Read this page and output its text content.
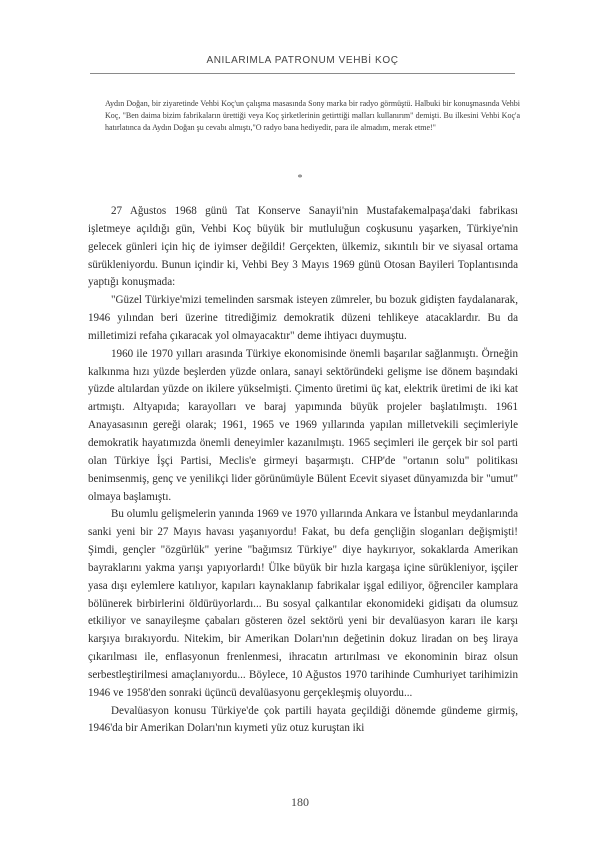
ANILARIMLA PATRONUM VEHBİ KOÇ

Aydın Doğan, bir ziyaretinde Vehbi Koç'un çalışma masasında Sony marka bir radyo görmüştü. Halbuki bir konuşmasında Vehbi Koç, "Ben daima bizim fabrikaların ürettiği veya Koç şirketlerinin getirttiği malları kullanırım" demişti. Bu ilkesini Vehbi Koç'a hatırlatınca da Aydın Doğan şu cevabı almıştı,"O radyo bana hediyedir, para ile almadım, merak etme!"

*

27 Ağustos 1968 günü Tat Konserve Sanayii'nin Mustafakemalpaşa'daki fabrikası işletmeye açıldığı gün, Vehbi Koç büyük bir mutluluğun coşkusunu yaşarken, Türkiye'nin gelecek günleri için hiç de iyimser değildi! Gerçekten, ülkemiz, sıkıntılı bir ve siyasal ortama sürükleniyordu. Bunun içindir ki, Vehbi Bey 3 Mayıs 1969 günü Otosan Bayileri Toplantısında yaptığı konuşmada:

"Güzel Türkiye'mizi temelinden sarsmak isteyen zümreler, bu bozuk gidişten faydalanarak, 1946 yılından beri üzerine titrediğimiz demokratik düzeni tehlikeye atacaklardır. Bu da milletimizi refaha çıkaracak yol olmayacaktır" deme ihtiyacı duymuştu.

1960 ile 1970 yılları arasında Türkiye ekonomisinde önemli başarılar sağlanmıştı. Örneğin kalkınma hızı yüzde beşlerden yüzde onlara, sanayi sektöründeki gelişme ise dönem başındaki yüzde altılardan yüzde on ikilere yükselmişti. Çimento üretimi üç kat, elektrik üretimi de iki kat artmıştı. Altyapıda; karayolları ve baraj yapımında büyük projeler başlatılmıştı. 1961 Anayasasının gereği olarak; 1961, 1965 ve 1969 yıllarında yapılan milletvekili seçimleriyle demokratik hayatımızda önemli deneyimler kazanılmıştı. 1965 seçimleri ile gerçek bir sol parti olan Türkiye İşçi Partisi, Meclis'e girmeyi başarmıştı. CHP'de "ortanın solu" politikası benimsenmiş, genç ve yenilikçi lider görünümüyle Bülent Ecevit siyaset dünyamızda bir "umut" olmaya başlamıştı.

Bu olumlu gelişmelerin yanında 1969 ve 1970 yıllarında Ankara ve İstanbul meydanlarında sanki yeni bir 27 Mayıs havası yaşanıyordu! Fakat, bu defa gençliğin sloganları değişmişti! Şimdi, gençler "özgürlük" yerine "bağımsız Türkiye" diye haykırıyor, sokaklarda Amerikan bayraklarını yakma yarışı yapıyorlardı! Ülke büyük bir hızla kargaşa içine sürükleniyor, işçiler yasa dışı eylemlere katılıyor, kapıları kaynaklanıp fabrikalar işgal ediliyor, öğrenciler kamplara bölünerek birbirlerini öldürüyorlardı... Bu sosyal çalkantılar ekonomideki gidişatı da olumsuz etkiliyor ve sanayileşme çabaları gösteren özel sektörü yeni bir devalüasyon kararı ile karşı karşıya bırakıyordu. Nitekim, bir Amerikan Doları'nın değetinin dokuz liradan on beş liraya çıkarılması ile, enflasyonun frenlenmesi, ihracatın artırılması ve ekonominin biraz olsun serbestleştirilmesi amaçlanıyordu... Böylece, 10 Ağustos 1970 tarihinde Cumhuriyet tarihimizin 1946 ve 1958'den sonraki üçüncü devalüasyonu gerçekleşmiş oluyordu...

Devalüasyon konusu Türkiye'de çok partili hayata geçildiği dönemde gündeme girmiş, 1946'da bir Amerikan Doları'nın kıymeti yüz otuz kuruştan iki

180
